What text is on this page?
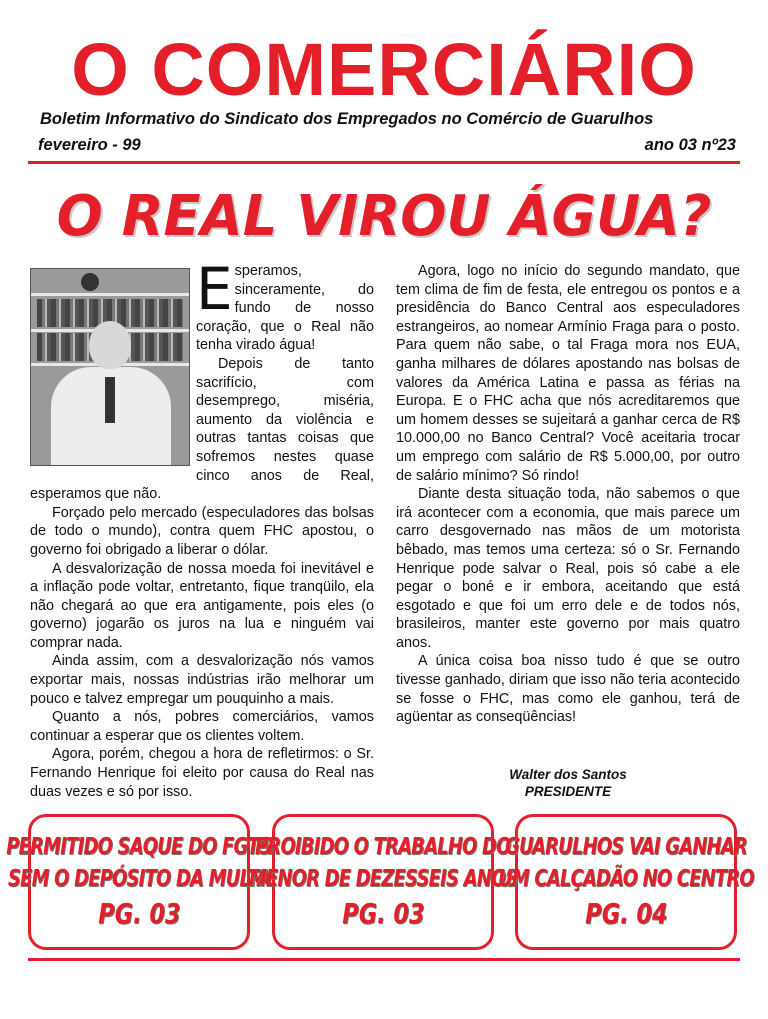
O COMERCIÁRIO
Boletim Informativo do Sindicato dos Empregados no Comércio de Guarulhos
fevereiro - 99	ano 03 nº23
O REAL VIROU ÁGUA?
E speramos, sinceramente, do fundo de nosso coração, que o Real não tenha virado água!

Depois de tanto sacrifício, com desemprego, miséria, aumento da violência e outras tantas coisas que sofremos nestes quase cinco anos de Real, esperamos que não.

Forçado pelo mercado (especuladores das bolsas de todo o mundo), contra quem FHC apostou, o governo foi obrigado a liberar o dólar.

A desvalorização de nossa moeda foi inevitável e a inflação pode voltar, entretanto, fique tranqüilo, ela não chegará ao que era antigamente, pois eles (o governo) jogarão os juros na lua e ninguém vai comprar nada.

Ainda assim, com a desvalorização nós vamos exportar mais, nossas indústrias irão melhorar um pouco e talvez empregar um pouquinho a mais.

Quanto a nós, pobres comerciários, vamos continuar a esperar que os clientes voltem.

Agora, porém, chegou a hora de refletirmos: o Sr. Fernando Henrique foi eleito por causa do Real nas duas vezes e só por isso.

Agora, logo no início do segundo mandato, que tem clima de fim de festa, ele entregou os pontos e a presidência do Banco Central aos especuladores estrangeiros, ao nomear Armínio Fraga para o posto. Para quem não sabe, o tal Fraga mora nos EUA, ganha milhares de dólares apostando nas bolsas de valores da América Latina e passa as férias na Europa. E o FHC acha que nós acreditaremos que um homem desses se sujeitará a ganhar cerca de R$ 10.000,00 no Banco Central? Você aceitaria trocar um emprego com salário de R$ 5.000,00, por outro de salário mínimo? Só rindo!

Diante desta situação toda, não sabemos o que irá acontecer com a economia, que mais parece um carro desgovernado nas mãos de um motorista bêbado, mas temos uma certeza: só o Sr. Fernando Henrique pode salvar o Real, pois só cabe a ele pegar o boné e ir embora, aceitando que está esgotado e que foi um erro dele e de todos nós, brasileiros, manter este governo por mais quatro anos.

A única coisa boa nisso tudo é que se outro tivesse ganhado, diriam que isso não teria acontecido se fosse o FHC, mas como ele ganhou, terá de agüentar as conseqüências!

Walter dos Santos
PRESIDENTE
PERMITIDO SAQUE DO FGTS
SEM O DEPÓSITO DA MULTA
PG. 03
PROIBIDO O TRABALHO DO
MENOR DE DEZESSEIS ANOS
PG. 03
GUARULHOS VAI GANHAR
UM CALÇADÃO NO CENTRO
PG. 04
